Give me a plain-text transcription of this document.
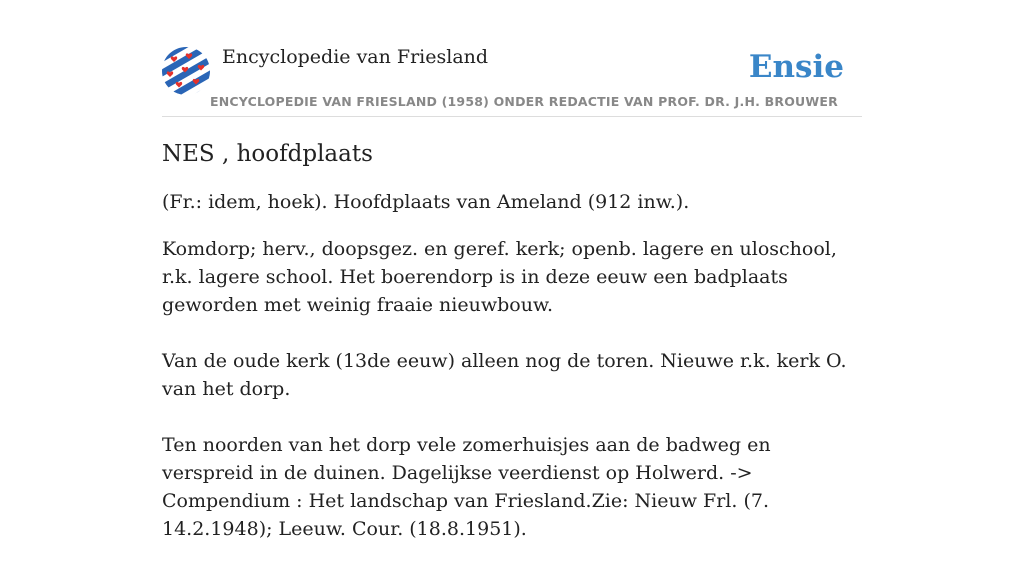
Encyclopedie van Friesland	Ensie
ENCYCLOPEDIE VAN FRIESLAND (1958) ONDER REDACTIE VAN PROF. DR. J.H. BROUWER
NES , hoofdplaats

(Fr.: idem, hoek). Hoofdplaats van Ameland (912 inw.).

Komdorp; herv., doopsgez. en geref. kerk; openb. lagere en uloschool, r.k. lagere school. Het boerendorp is in deze eeuw een badplaats geworden met weinig fraaie nieuwbouw.

Van de oude kerk (13de eeuw) alleen nog de toren. Nieuwe r.k. kerk O. van het dorp.

Ten noorden van het dorp vele zomerhuisjes aan de badweg en verspreid in de duinen. Dagelijkse veerdienst op Holwerd. -> Compendium : Het landschap van Friesland.Zie: Nieuw Frl. (7. 14.2.1948); Leeuw. Cour. (18.8.1951).
